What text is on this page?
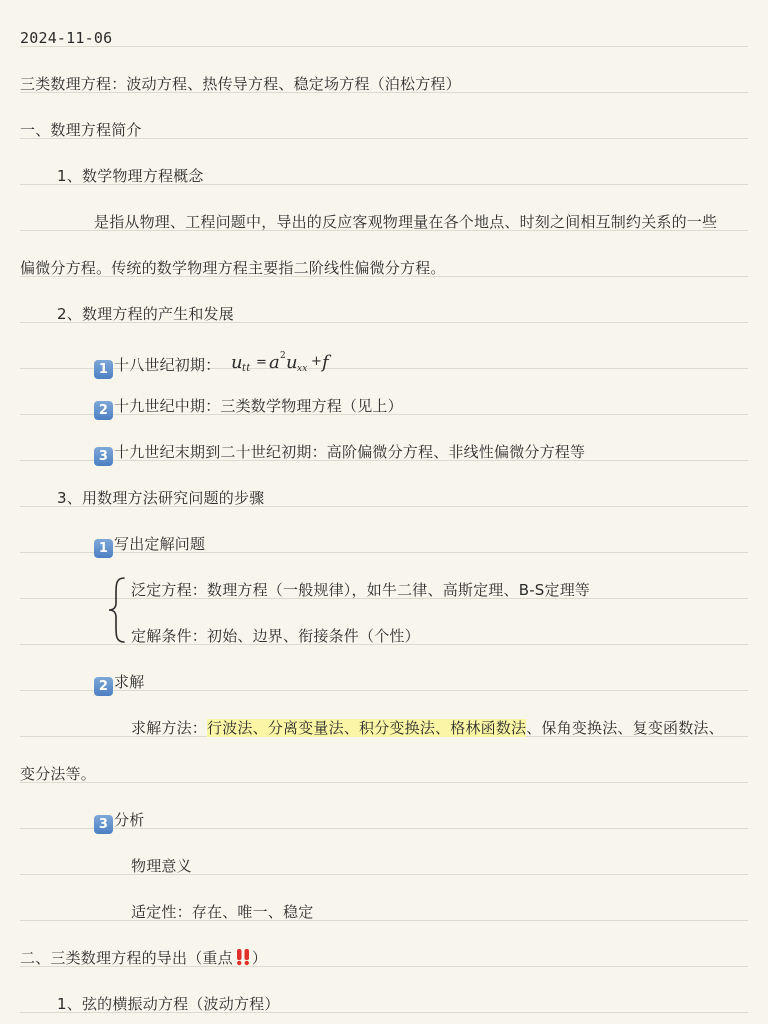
2024-11-06
三类数理方程：波动方程、热传导方程、稳定场方程（泊松方程）
一、数理方程简介
1、数学物理方程概念
是指从物理、工程问题中，导出的反应客观物理量在各个地点、时刻之间相互制约关系的一些
偏微分方程。传统的数学物理方程主要指二阶线性偏微分方程。
2、数理方程的产生和发展
1 十八世纪初期： u tt = a 2 u xx + f
2 十九世纪中期：三类数学物理方程（见上）
3 十九世纪末期到二十世纪初期：高阶偏微分方程、非线性偏微分方程等
3、用数理方法研究问题的步骤
1 写出定解问题
泛定方程：数理方程（一般规律），如牛二律、高斯定理、B-S定理等
定解条件：初始、边界、衔接条件（个性）
2 求解
求解方法：行波法、分离变量法、积分变换法、格林函数法、保角变换法、复变函数法、
变分法等。
3 分析
物理意义
适定性：存在、唯一、稳定
二、三类数理方程的导出（重点 ）
1、弦的横振动方程（波动方程）
